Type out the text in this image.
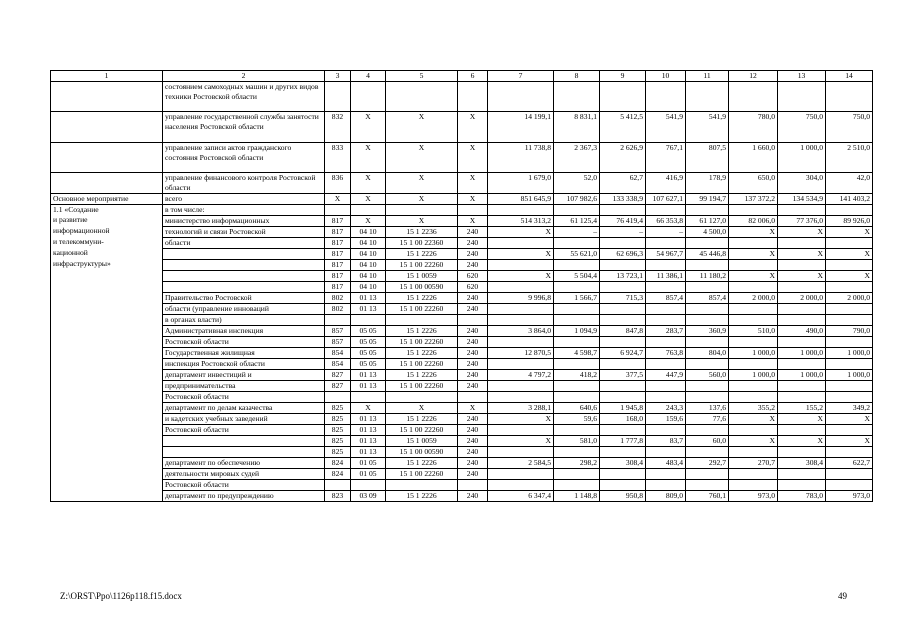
1	2	3	4	5	6	7	8	9	10	11	12	13	14
	состоянием самоходных машин и других видов техники Ростовской области												
	управление государственной службы занятости населения Ростовской области	832	Х	Х	Х	14 199,1	8 831,1	5 412,5	541,9	541,9	780,0	750,0	750,0
	управление записи актов гражданского состояния Ростовской области	833	Х	Х	Х	11 738,8	2 367,3	2 626,9	767,1	807,5	1 660,0	1 000,0	2 510,0
	управление финансового контроля Ростовской области	836	Х	Х	Х	1 679,0	52,0	62,7	416,9	178,9	650,0	304,0	42,0
Основное мероприятие	всего	Х	Х	Х	Х	851 645,9	107 982,6	133 338,9	107 627,1	99 194,7	137 372,2	134 534,9	141 403,2
1.1 «Создание	в том числе:												
и развитие	министерство информационных	817	Х	Х	Х	514 313,2	61 125,4	76 419,4	66 353,8	61 127,0	82 006,0	77 376,0	89 926,0
информационной	технологий и связи Ростовской	817	04 10	15 1 2236	240	Х	–	–	–	4 500,0	Х	Х	Х
и телекоммуни-	области	817	04 10	15 1 00 22360	240								
кационной		817	04 10	15 1 2226	240	Х	55 621,0	62 696,3	54 967,7	45 446,8	Х	Х	Х
инфраструктуры»		817	04 10	15 1 00 22260	240								
		817	04 10	15 1 0059	620	Х	5 504,4	13 723,1	11 386,1	11 180,2	Х	Х	Х
		817	04 10	15 1 00 00590	620								
	Правительство Ростовской	802	01 13	15 1 2226	240	9 996,8	1 566,7	715,3	857,4	857,4	2 000,0	2 000,0	2 000,0
	области (управление инноваций	802	01 13	15 1 00 22260	240								
	в органах власти)												
	Административная инспекция	857	05 05	15 1 2226	240	3 864,0	1 094,9	847,8	283,7	360,9	510,0	490,0	790,0
	Ростовской области	857	05 05	15 1 00 22260	240								
	Государственная жилищная	854	05 05	15 1 2226	240	12 870,5	4 598,7	6 924,7	763,8	804,0	1 000,0	1 000,0	1 000,0
	инспекция Ростовской области	854	05 05	15 1 00 22260	240								
	департамент инвестиций и	827	01 13	15 1 2226	240	4 797,2	418,2	377,5	447,9	560,0	1 000,0	1 000,0	1 000,0
	предпринимательства	827	01 13	15 1 00 22260	240								
	Ростовской области												
	департамент по делам казачества	825	Х	Х	Х	3 288,1	640,6	1 945,8	243,3	137,6	355,2	155,2	349,2
	и кадетских учебных заведений	825	01 13	15 1 2226	240	Х	59,6	168,0	159,6	77,6	Х	Х	Х
	Ростовской области	825	01 13	15 1 00 22260	240								
		825	01 13	15 1 0059	240	Х	581,0	1 777,8	83,7	60,0	Х	Х	Х
		825	01 13	15 1 00 00590	240								
	департамент по обеспечению	824	01 05	15 1 2226	240	2 584,5	298,2	308,4	483,4	292,7	270,7	308,4	622,7
	деятельности мировых судей	824	01 05	15 1 00 22260	240								
	Ростовской области												
	департамент по предупреждению	823	03 09	15 1 2226	240	6 347,4	1 148,8	950,8	809,0	760,1	973,0	783,0	973,0
Z:\ORST\Ppo\1126p118.f15.docx	49
